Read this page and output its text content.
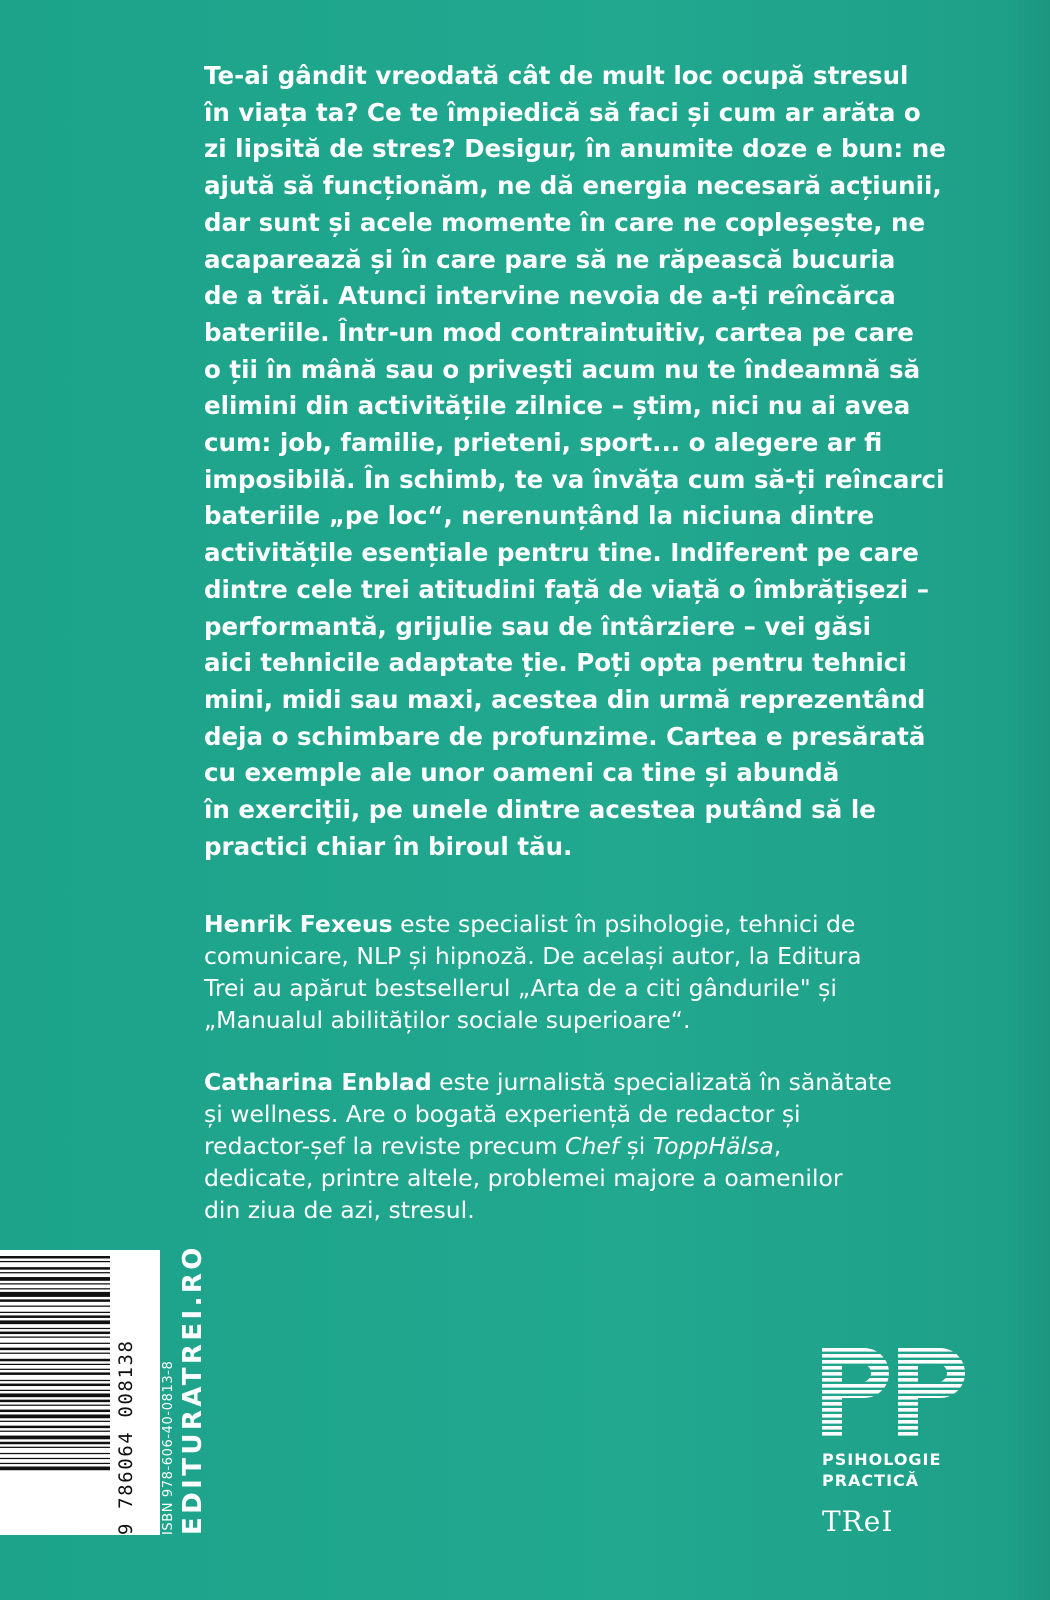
Te-ai gândit vreodată cât de mult loc ocupă stresul
în viața ta? Ce te împiedică să faci și cum ar arăta o
zi lipsită de stres? Desigur, în anumite doze e bun: ne
ajută să funcționăm, ne dă energia necesară acțiunii,
dar sunt și acele momente în care ne copleșește, ne
acaparează și în care pare să ne răpească bucuria
de a trăi. Atunci intervine nevoia de a-ți reîncărca
bateriile. Într-un mod contraintuitiv, cartea pe care
o ții în mână sau o privești acum nu te îndeamnă să
elimini din activitățile zilnice – știm, nici nu ai avea
cum: job, familie, prieteni, sport... o alegere ar fi
imposibilă. În schimb, te va învăța cum să-ți reîncarci
bateriile „pe loc“, nerenunțând la niciuna dintre
activitățile esențiale pentru tine. Indiferent pe care
dintre cele trei atitudini față de viață o îmbrățișezi –
performantă, grijulie sau de întârziere – vei găsi
aici tehnicile adaptate ție. Poți opta pentru tehnici
mini, midi sau maxi, acestea din urmă reprezentând
deja o schimbare de profunzime. Cartea e presărată
cu exemple ale unor oameni ca tine și abundă
în exerciții, pe unele dintre acestea putând să le
practici chiar în biroul tău.

Henrik Fexeus este specialist în psihologie, tehnici de
comunicare, NLP și hipnoză. De același autor, la Editura
Trei au apărut bestsellerul „Arta de a citi gândurile" și
„Manualul abilităților sociale superioare“.

Catharina Enblad este jurnalistă specializată în sănătate
și wellness. Are o bogată experiență de redactor și
redactor-șef la reviste precum Chef și ToppHälsa,
dedicate, printre altele, problemei majore a oamenilor
din ziua de azi, stresul.

9 786064 008138 ISBN 978-606-40-0813-8 EDITURATREI.RO	PSIHOLOGIE
PRACTICĂ
TReI
